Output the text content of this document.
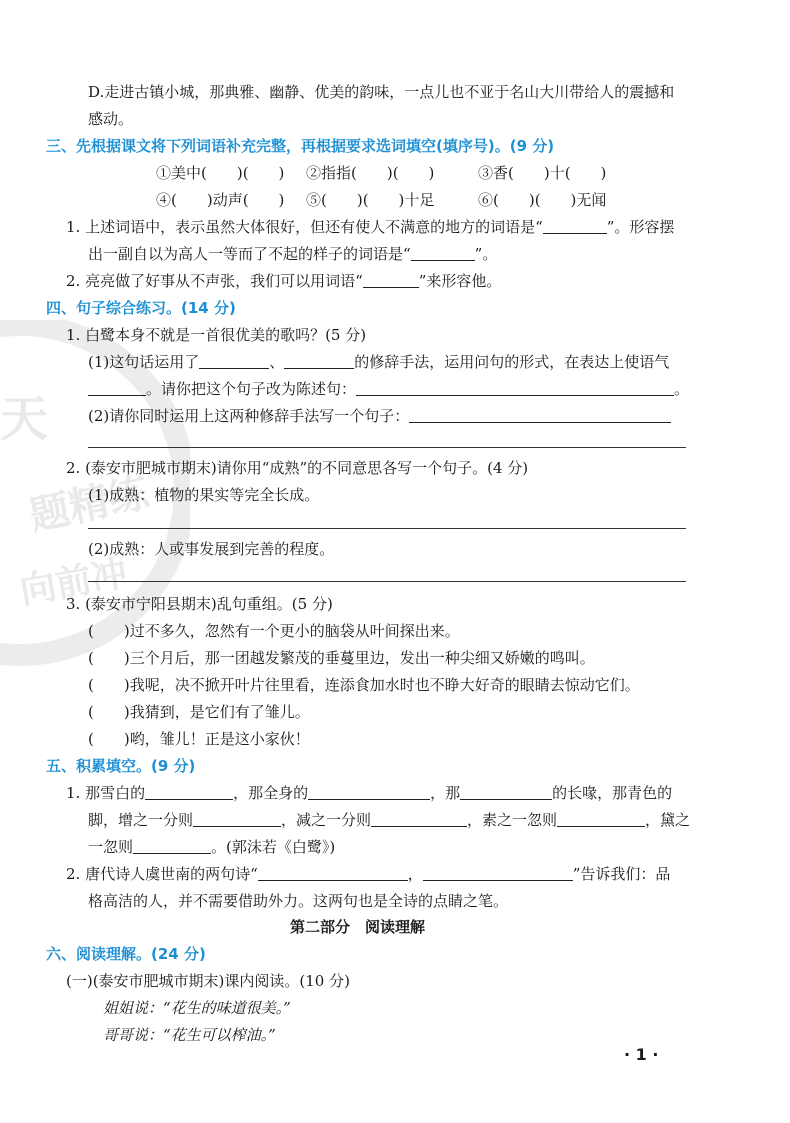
天
题精练
向前冲
D.走进古镇小城，那典雅、幽静、优美的韵味，一点儿也不亚于名山大川带给人的震撼和
感动。
三、先根据课文将下列词语补充完整，再根据要求选词填空(填序号)。(9 分)
①美中(　　)(　　) ②指指(　　)(　　)	③香(　　)十(　　)
④(　　)动声(　　) ⑤(　　)(　　)十足	⑥(　　)(　　)无闻
1. 上述词语中，表示虽然大体很好，但还有使人不满意的地方的词语是“	”。形容摆
出一副自以为高人一等而了不起的样子的词语是“	”。
2. 亮亮做了好事从不声张，我们可以用词语“	”来形容他。
四、句子综合练习。(14 分)
1. 白鹭本身不就是一首很优美的歌吗？(5 分)
(1)这句话运用了	、	的修辞手法，运用问句的形式，在表达上使语气
。请你把这个句子改为陈述句：	。
(2)请你同时运用上这两种修辞手法写一个句子：
2. (泰安市肥城市期末)请你用“成熟”的不同意思各写一个句子。(4 分)
(1)成熟：植物的果实等完全长成。
(2)成熟：人或事发展到完善的程度。
3. (泰安市宁阳县期末)乱句重组。(5 分)
(　　)过不多久，忽然有一个更小的脑袋从叶间探出来。
(　　)三个月后，那一团越发繁茂的垂蔓里边，发出一种尖细又娇嫩的鸣叫。
(　　)我呢，决不掀开叶片往里看，连添食加水时也不睁大好奇的眼睛去惊动它们。
(　　)我猜到，是它们有了雏儿。
(　　)哟，雏儿！正是这小家伙！
五、积累填空。(9 分)
1. 那雪白的	，那全身的	，那	的长喙，那青色的
脚，增之一分则	，减之一分则	，素之一忽则	，黛之
一忽则	。(郭沫若《白鹭》)
2. 唐代诗人虞世南的两句诗“	，	”告诉我们：品
格高洁的人，并不需要借助外力。这两句也是全诗的点睛之笔。
第二部分　阅读理解
六、阅读理解。(24 分)
(一)(泰安市肥城市期末)课内阅读。(10 分)
姐姐说：“花生的味道很美。”
哥哥说：“花生可以榨油。”
· 1 ·
